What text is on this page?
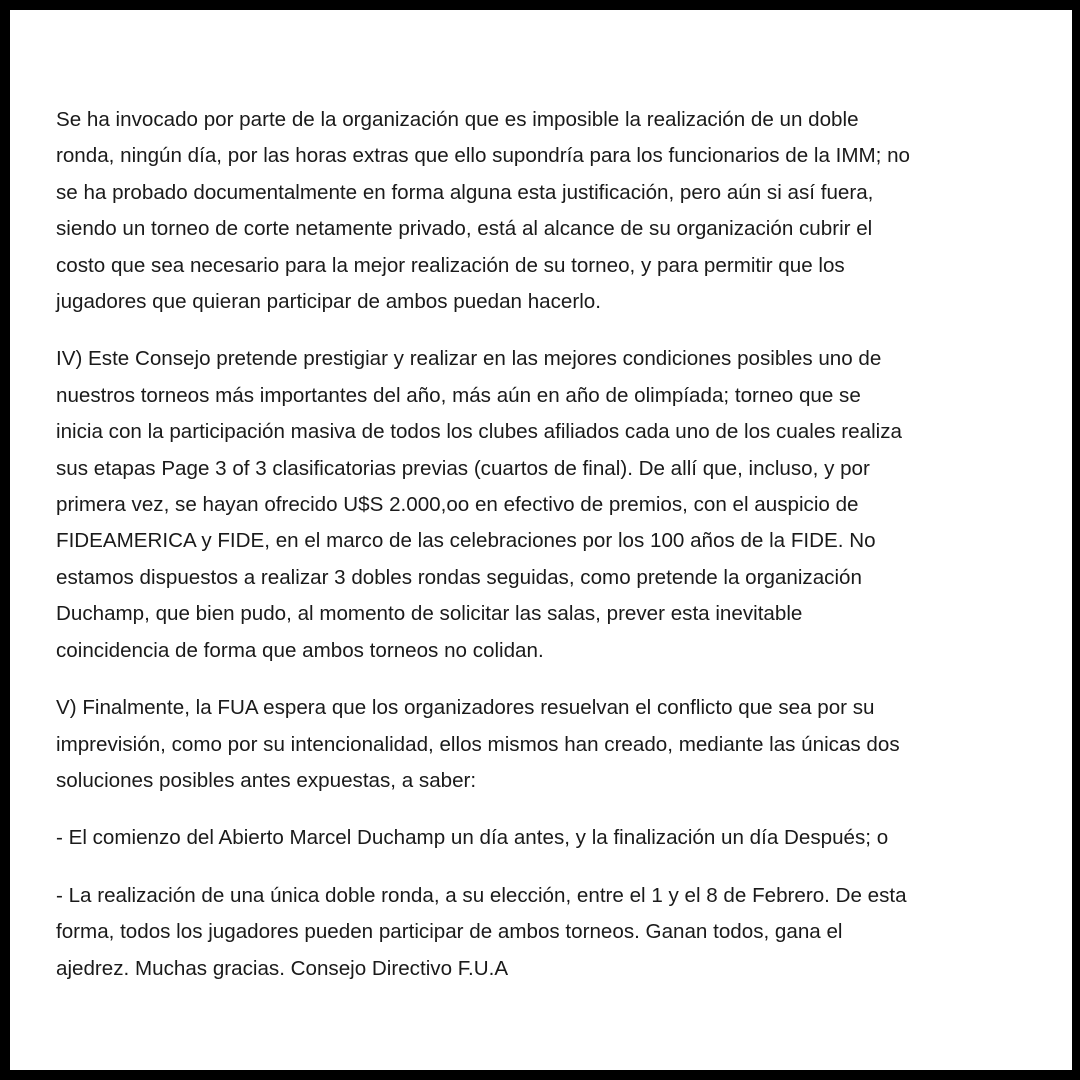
Se ha invocado por parte de la organización que es imposible la realización de un doble
ronda, ningún día, por las horas extras que ello supondría para los funcionarios de la IMM; no
se ha probado documentalmente en forma alguna esta justificación, pero aún si así fuera,
siendo un torneo de corte netamente privado, está al alcance de su organización cubrir el
costo que sea necesario para la mejor realización de su torneo, y para permitir que los
jugadores que quieran participar de ambos puedan hacerlo.

IV) Este Consejo pretende prestigiar y realizar en las mejores condiciones posibles uno de
nuestros torneos más importantes del año, más aún en año de olimpíada; torneo que se
inicia con la participación masiva de todos los clubes afiliados cada uno de los cuales realiza
sus etapas Page 3 of 3 clasificatorias previas (cuartos de final). De allí que, incluso, y por
primera vez, se hayan ofrecido U$S 2.000,oo en efectivo de premios, con el auspicio de
FIDEAMERICA y FIDE, en el marco de las celebraciones por los 100 años de la FIDE. No
estamos dispuestos a realizar 3 dobles rondas seguidas, como pretende la organización
Duchamp, que bien pudo, al momento de solicitar las salas, prever esta inevitable
coincidencia de forma que ambos torneos no colidan.

V) Finalmente, la FUA espera que los organizadores resuelvan el conflicto que sea por su
imprevisión, como por su intencionalidad, ellos mismos han creado, mediante las únicas dos
soluciones posibles antes expuestas, a saber:

- El comienzo del Abierto Marcel Duchamp un día antes, y la finalización un día Después; o

- La realización de una única doble ronda, a su elección, entre el 1 y el 8 de Febrero. De esta
forma, todos los jugadores pueden participar de ambos torneos. Ganan todos, gana el
ajedrez. Muchas gracias. Consejo Directivo F.U.A
